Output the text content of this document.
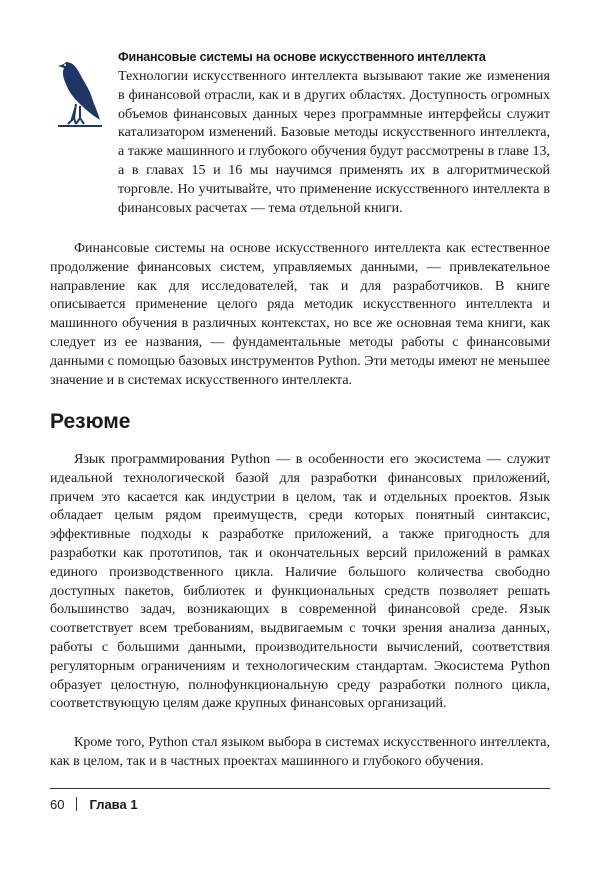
Финансовые системы на основе искусственного интеллекта

Технологии искусственного интеллекта вызывают такие же изменения в финансовой отрасли, как и в других областях. Доступность огромных объемов финансовых данных через программные интерфейсы служит катализатором изменений. Базовые методы искусственного интеллекта, а также машинного и глубокого обучения будут рассмотрены в главе 13, а в главах 15 и 16 мы научимся применять их в алгоритмической торговле. Но учитывайте, что применение искусственного интеллекта в финансовых расчетах — тема отдельной книги.

Финансовые системы на основе искусственного интеллекта как естественное продолжение финансовых систем, управляемых данными, — привлекательное направление как для исследователей, так и для разработчиков. В книге описывается применение целого ряда методик искусственного интеллекта и машинного обучения в различных контекстах, но все же основная тема книги, как следует из ее названия, — фундаментальные методы работы с финансовыми данными с помощью базовых инструментов Python. Эти методы имеют не меньшее значение и в системах искусственного интеллекта.

Резюме

Язык программирования Python — в особенности его экосистема — служит идеальной технологической базой для разработки финансовых приложений, причем это касается как индустрии в целом, так и отдельных проектов. Язык обладает целым рядом преимуществ, среди которых понятный синтаксис, эффективные подходы к разработке приложений, а также пригодность для разработки как прототипов, так и окончательных версий приложений в рамках единого производственного цикла. Наличие большого количества свободно доступных пакетов, библиотек и функциональных средств позволяет решать большинство задач, возникающих в современной финансовой среде. Язык соответствует всем требованиям, выдвигаемым с точки зрения анализа данных, работы с большими данными, производительности вычислений, соответствия регуляторным ограничениям и технологическим стандартам. Экосистема Python образует целостную, полнофункциональную среду разработки полного цикла, соответствующую целям даже крупных финансовых организаций.

Кроме того, Python стал языком выбора в системах искусственного интеллекта, как в целом, так и в частных проектах машинного и глубокого обучения.

60 Глава 1
